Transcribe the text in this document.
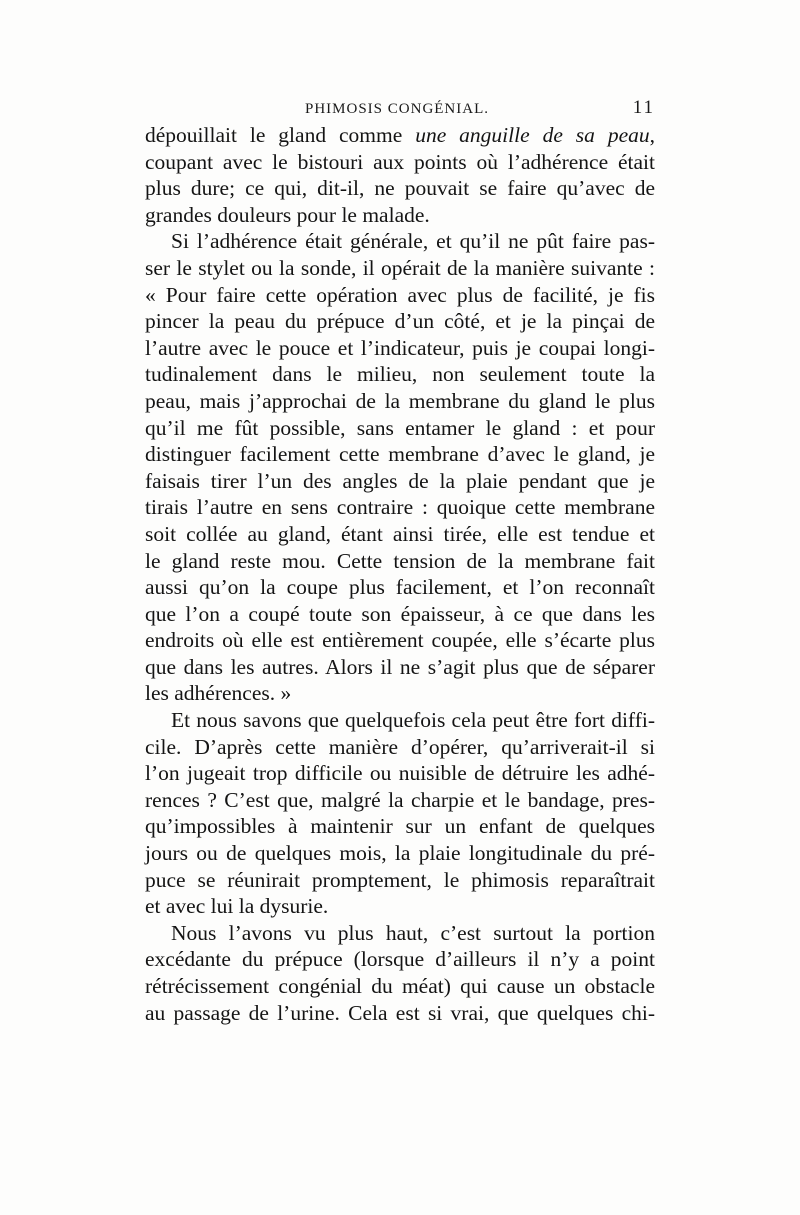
PHIMOSIS CONGÉNIAL.	11
dépouillait le gland comme une anguille de sa peau,
coupant avec le bistouri aux points où l’adhérence était
plus dure; ce qui, dit-il, ne pouvait se faire qu’avec de
grandes douleurs pour le malade.
Si l’adhérence était générale, et qu’il ne pût faire pas-
ser le stylet ou la sonde, il opérait de la manière suivante :
« Pour faire cette opération avec plus de facilité, je fis
pincer la peau du prépuce d’un côté, et je la pinçai de
l’autre avec le pouce et l’indicateur, puis je coupai longi-
tudinalement dans le milieu, non seulement toute la
peau, mais j’approchai de la membrane du gland le plus
qu’il me fût possible, sans entamer le gland : et pour
distinguer facilement cette membrane d’avec le gland, je
faisais tirer l’un des angles de la plaie pendant que je
tirais l’autre en sens contraire : quoique cette membrane
soit collée au gland, étant ainsi tirée, elle est tendue et
le gland reste mou. Cette tension de la membrane fait
aussi qu’on la coupe plus facilement, et l’on reconnaît
que l’on a coupé toute son épaisseur, à ce que dans les
endroits où elle est entièrement coupée, elle s’écarte plus
que dans les autres. Alors il ne s’agit plus que de séparer
les adhérences. »
Et nous savons que quelquefois cela peut être fort diffi-
cile. D’après cette manière d’opérer, qu’arriverait-il si
l’on jugeait trop difficile ou nuisible de détruire les adhé-
rences ? C’est que, malgré la charpie et le bandage, pres-
qu’impossibles à maintenir sur un enfant de quelques
jours ou de quelques mois, la plaie longitudinale du pré-
puce se réunirait promptement, le phimosis reparaîtrait
et avec lui la dysurie.
Nous l’avons vu plus haut, c’est surtout la portion
excédante du prépuce (lorsque d’ailleurs il n’y a point
rétrécissement congénial du méat) qui cause un obstacle
au passage de l’urine. Cela est si vrai, que quelques chi-
